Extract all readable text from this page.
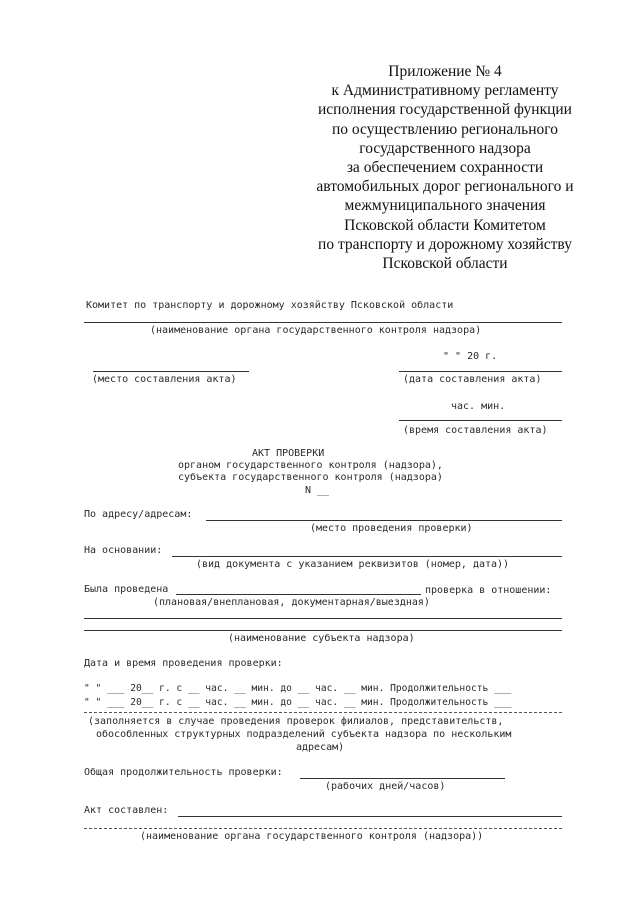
Приложение № 4
к Административному регламенту
исполнения государственной функции
по осуществлению регионального
государственного надзора
за обеспечением сохранности
автомобильных дорог регионального и
межмуниципального значения
Псковской области Комитетом
по транспорту и дорожному хозяйству
Псковской области
Комитет по транспорту и дорожному хозяйству Псковской области
(наименование органа государственного контроля надзора)
" " 20 г.
(место составления акта)	(дата составления акта)
час. мин.
(время составления акта)
АКТ ПРОВЕРКИ
органом государственного контроля (надзора),
субъекта государственного контроля (надзора)
N __
По адресу/адресам:
(место проведения проверки)
На основании:
(вид документа с указанием реквизитов (номер, дата))
Была проведена	проверка в отношении:
(плановая/внеплановая, документарная/выездная)
(наименование субъекта надзора)
Дата и время проведения проверки:
" " ___ 20__ г. с __ час. __ мин. до __ час. __ мин. Продолжительность ___
" " ___ 20__ г. с __ час. __ мин. до __ час. __ мин. Продолжительность ___
(заполняется в случае проведения проверок филиалов, представительств,
обособленных структурных подразделений субъекта надзора по нескольким
адресам)
Общая продолжительность проверки:
(рабочих дней/часов)
Акт составлен:
(наименование органа государственного контроля (надзора))
